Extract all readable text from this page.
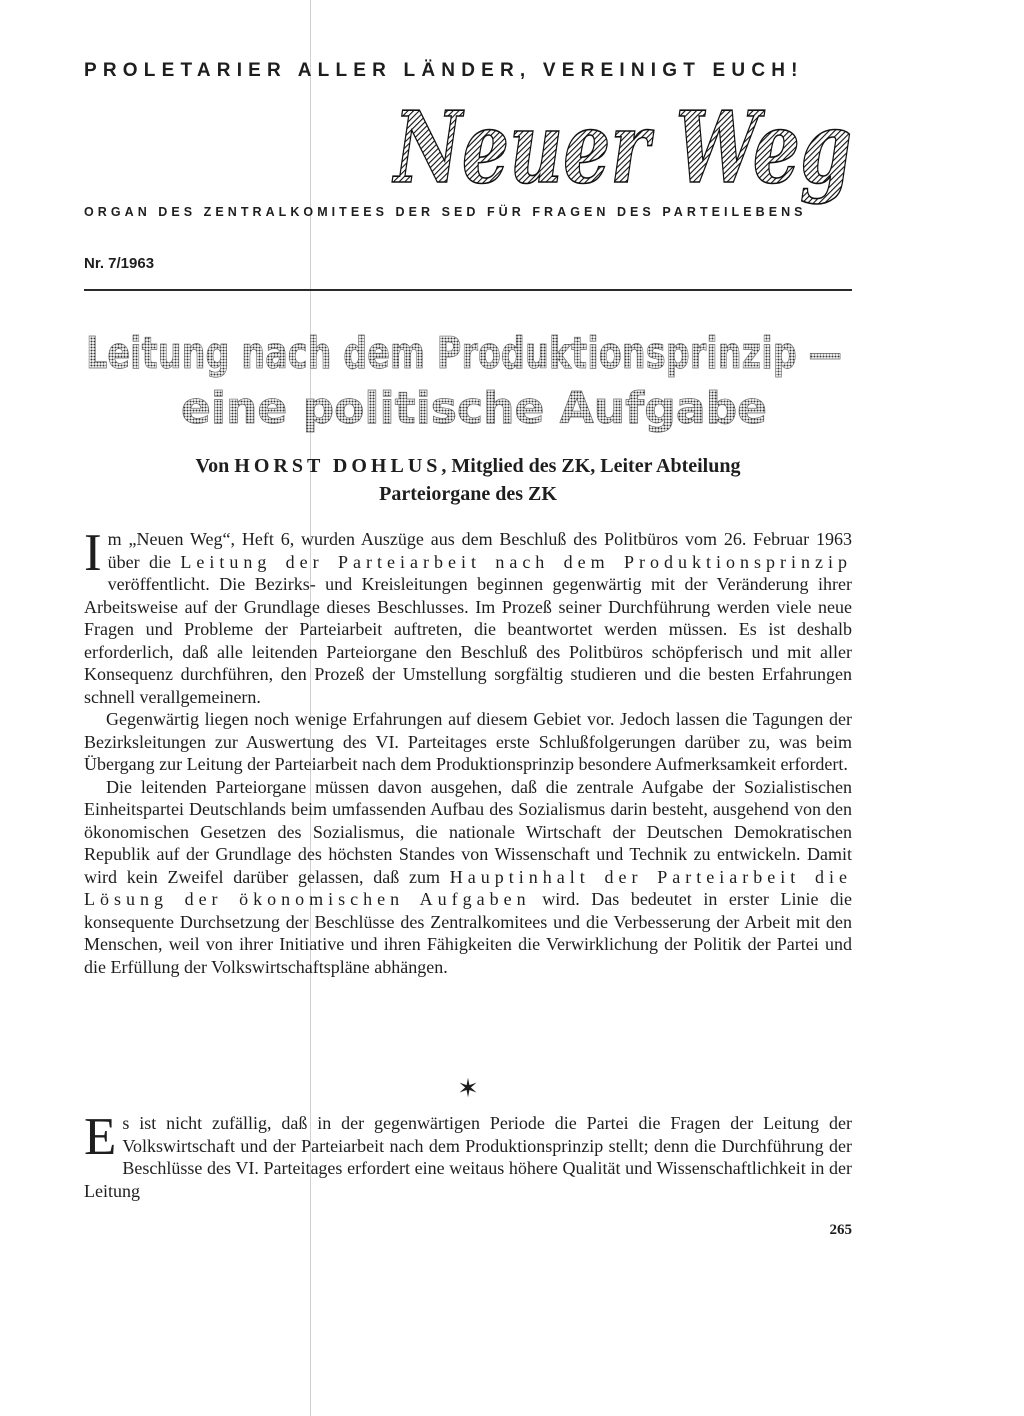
PROLETARIER ALLER LÄNDER, VEREINIGT EUCH!
Neuer Weg
ORGAN DES ZENTRALKOMITEES DER SED FÜR FRAGEN DES PARTEILEBENS
Nr. 7/1963
Leitung nach dem Produktionsprinzip —
eine politische Aufgabe
Von HORST DOHLUS, Mitglied des ZK, Leiter Abteilung
Parteiorgane des ZK

Im „Neuen Weg“, Heft 6, wurden Auszüge aus dem Beschluß des Politbüros vom 26. Februar 1963 über die Leitung der Parteiarbeit nach dem Produktionsprinzip veröffentlicht. Die Bezirks- und Kreisleitungen beginnen gegenwärtig mit der Veränderung ihrer Arbeitsweise auf der Grundlage dieses Beschlusses. Im Prozeß seiner Durchführung werden viele neue Fragen und Probleme der Parteiarbeit auftreten, die beantwortet werden müssen. Es ist deshalb erforderlich, daß alle leitenden Parteiorgane den Beschluß des Politbüros schöpferisch und mit aller Konsequenz durchführen, den Prozeß der Umstellung sorgfältig studieren und die besten Erfahrungen schnell verallgemeinern.

Gegenwärtig liegen noch wenige Erfahrungen auf diesem Gebiet vor. Jedoch lassen die Tagungen der Bezirksleitungen zur Auswertung des VI. Parteitages erste Schlußfolgerungen darüber zu, was beim Übergang zur Leitung der Parteiarbeit nach dem Produktionsprinzip besondere Aufmerksamkeit erfordert.

Die leitenden Parteiorgane müssen davon ausgehen, daß die zentrale Aufgabe der Sozialistischen Einheitspartei Deutschlands beim umfassenden Aufbau des Sozialismus darin besteht, ausgehend von den ökonomischen Gesetzen des Sozialismus, die nationale Wirtschaft der Deutschen Demokratischen Republik auf der Grundlage des höchsten Standes von Wissenschaft und Technik zu entwickeln. Damit wird kein Zweifel darüber gelassen, daß zum Hauptinhalt der Parteiarbeit die Lösung der ökonomischen Aufgaben wird. Das bedeutet in erster Linie die konsequente Durchsetzung der Beschlüsse des Zentralkomitees und die Verbesserung der Arbeit mit den Menschen, weil von ihrer Initiative und ihren Fähigkeiten die Verwirklichung der Politik der Partei und die Erfüllung der Volkswirtschaftspläne abhängen.

✶

Es ist nicht zufällig, daß in der gegenwärtigen Periode die Partei die Fragen der Leitung der Volkswirtschaft und der Parteiarbeit nach dem Produktionsprinzip stellt; denn die Durchführung der Beschlüsse des VI. Parteitages erfordert eine weitaus höhere Qualität und Wissenschaftlichkeit in der Leitung

265
